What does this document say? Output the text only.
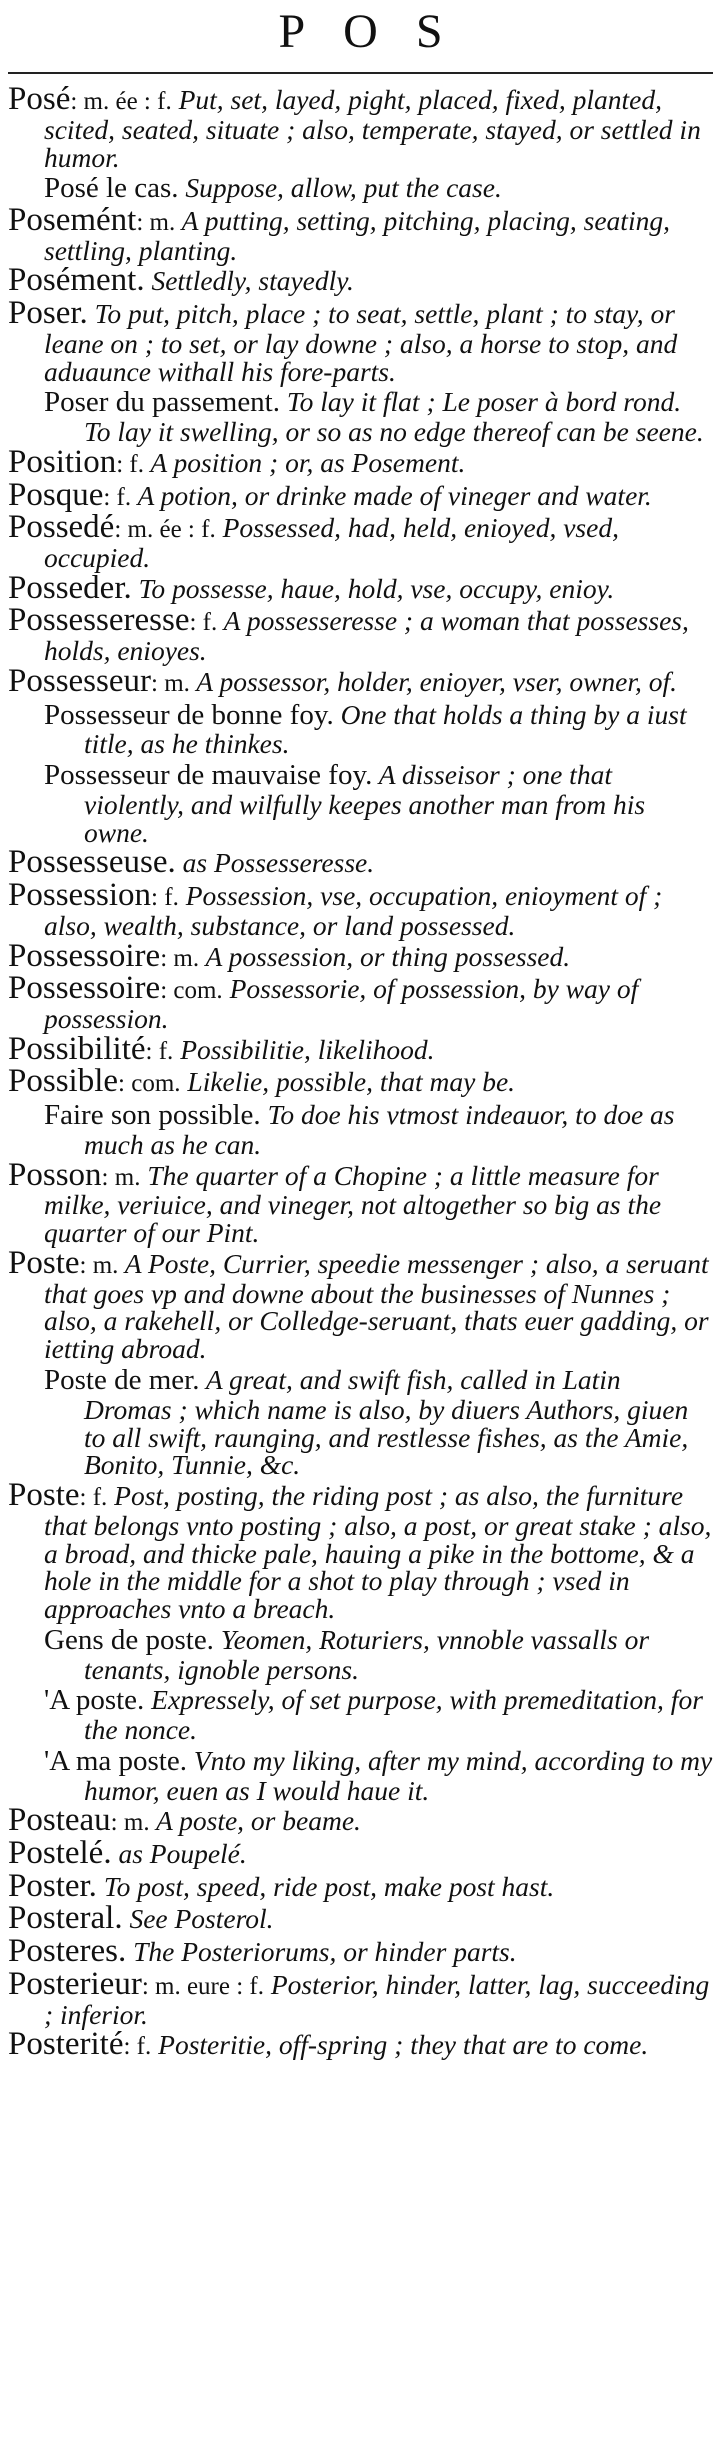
POS

Posé: m. ée : f. Put, set, layed, pight, placed, fixed, planted, scited, seated, situate ; also, temperate, stayed, or settled in humor.

Posé le cas. Suppose, allow, put the case.

Posemént: m. A putting, setting, pitching, placing, seating, settling, planting.

Posément. Settledly, stayedly.

Poser. To put, pitch, place ; to seat, settle, plant ; to stay, or leane on ; to set, or lay downe ; also, a horse to stop, and aduaunce withall his fore-parts.

Poser du passement. To lay it flat ; Le poser à bord rond. To lay it swelling, or so as no edge thereof can be seene.

Position: f. A position ; or, as Posement.

Posque: f. A potion, or drinke made of vineger and water.

Possedé: m. ée : f. Possessed, had, held, enioyed, vsed, occupied.

Posseder. To possesse, haue, hold, vse, occupy, enioy.

Possesseresse: f. A possesseresse ; a woman that possesses, holds, enioyes.

Possesseur: m. A possessor, holder, enioyer, vser, owner, of.

Possesseur de bonne foy. One that holds a thing by a iust title, as he thinkes.

Possesseur de mauvaise foy. A disseisor ; one that violently, and wilfully keepes another man from his owne.

Possesseuse. as Possesseresse.

Possession: f. Possession, vse, occupation, enioyment of ; also, wealth, substance, or land possessed.

Possessoire: m. A possession, or thing possessed.

Possessoire: com. Possessorie, of possession, by way of possession.

Possibilité: f. Possibilitie, likelihood.

Possible: com. Likelie, possible, that may be.

Faire son possible. To doe his vtmost indeauor, to doe as much as he can.

Posson: m. The quarter of a Chopine ; a little measure for milke, veriuice, and vineger, not altogether so big as the quarter of our Pint.

Poste: m. A Poste, Currier, speedie messenger ; also, a seruant that goes vp and downe about the businesses of Nunnes ; also, a rakehell, or Colledge-seruant, thats euer gadding, or ietting abroad.

Poste de mer. A great, and swift fish, called in Latin Dromas ; which name is also, by diuers Authors, giuen to all swift, raunging, and restlesse fishes, as the Amie, Bonito, Tunnie, &c.

Poste: f. Post, posting, the riding post ; as also, the furniture that belongs vnto posting ; also, a post, or great stake ; also, a broad, and thicke pale, hauing a pike in the bottome, & a hole in the middle for a shot to play through ; vsed in approaches vnto a breach.

Gens de poste. Yeomen, Roturiers, vnnoble vassalls or tenants, ignoble persons.

'A poste. Expressely, of set purpose, with premeditation, for the nonce.

'A ma poste. Vnto my liking, after my mind, according to my humor, euen as I would haue it.

Posteau: m. A poste, or beame.

Postelé. as Poupelé.

Poster. To post, speed, ride post, make post hast.

Posteral. See Posterol.

Posteres. The Posteriorums, or hinder parts.

Posterieur: m. eure : f. Posterior, hinder, latter, lag, succeeding ; inferior.

Posterité: f. Posteritie, off-spring ; they that are to come.
